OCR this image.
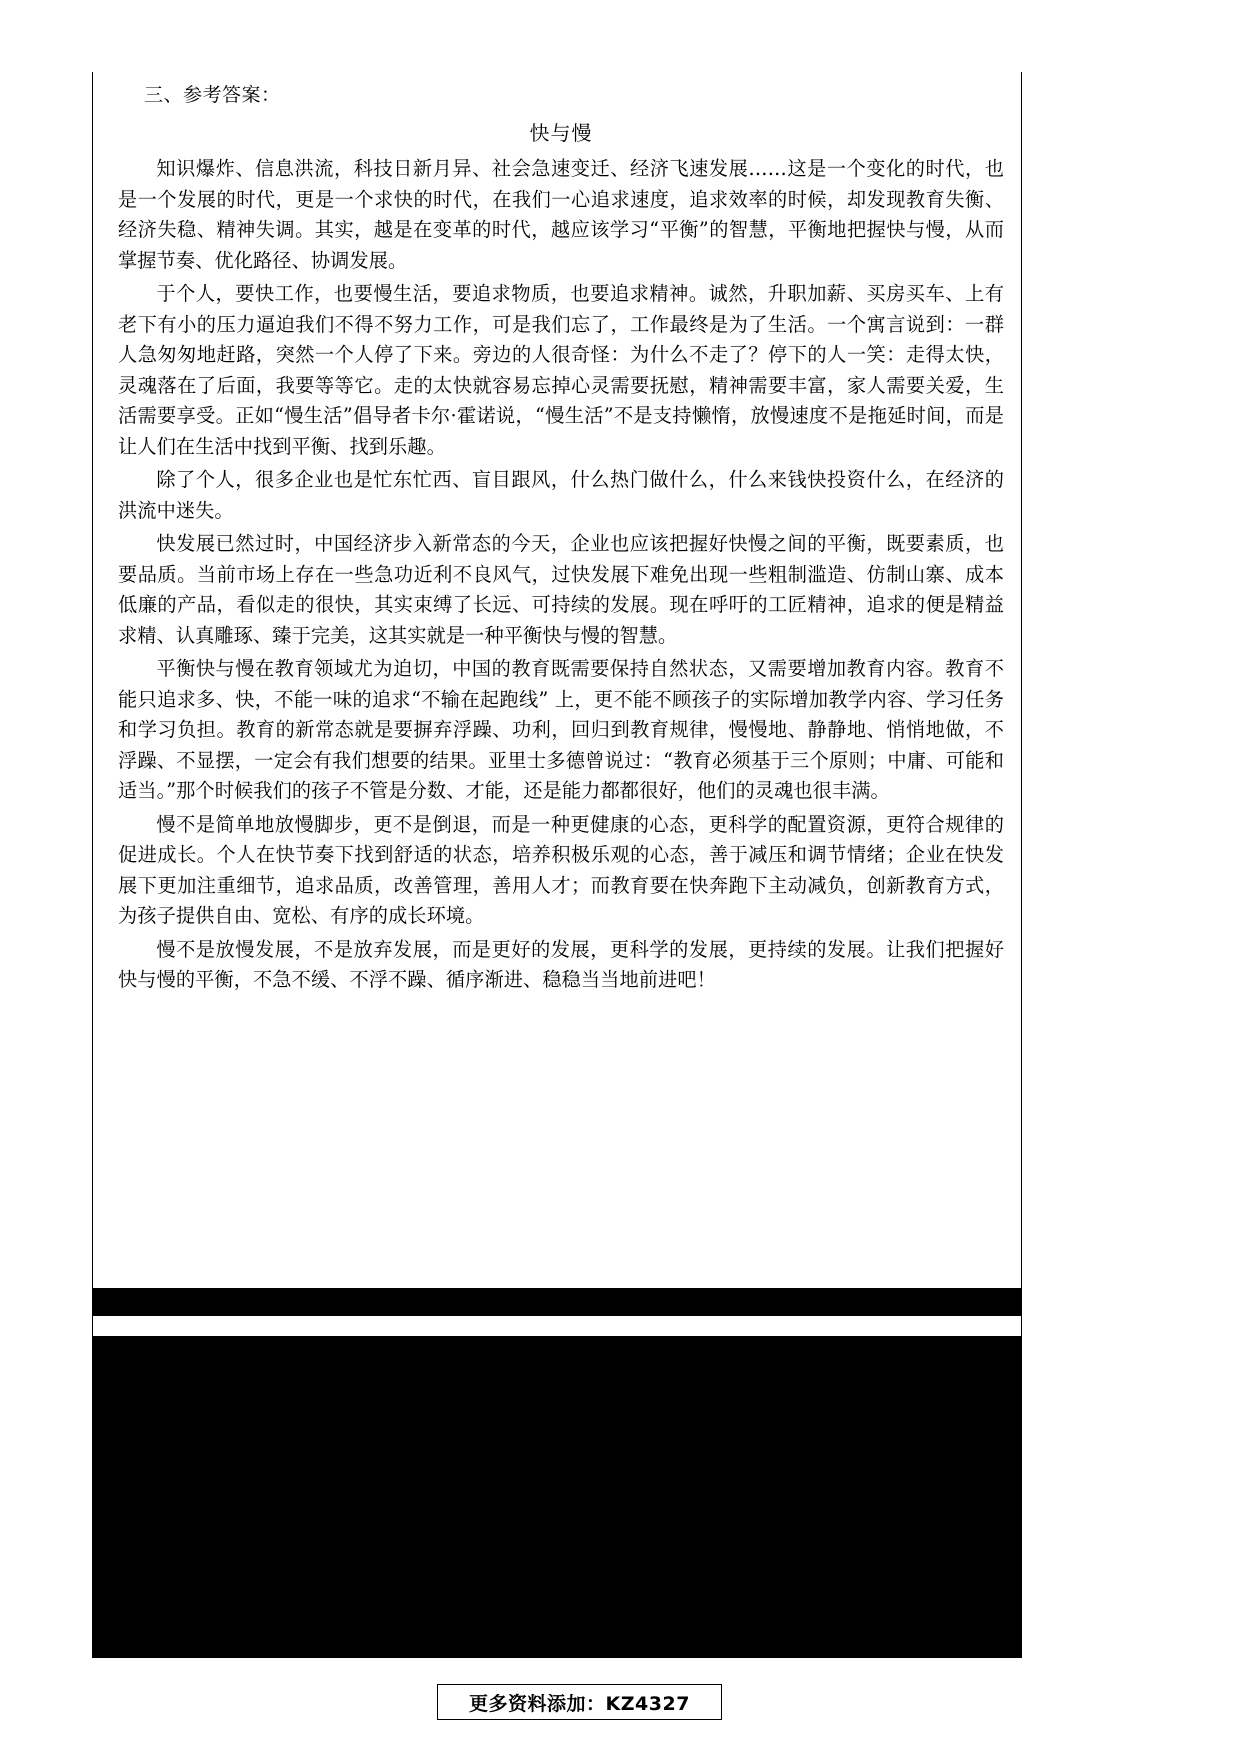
三、参考答案：
快与慢

知识爆炸、信息洪流，科技日新月异、社会急速变迁、经济飞速发展……这是一个变化的时代，也是一个发展的时代，更是一个求快的时代，在我们一心追求速度，追求效率的时候，却发现教育失衡、经济失稳、精神失调。其实，越是在变革的时代，越应该学习“平衡”的智慧，平衡地把握快与慢，从而掌握节奏、优化路径、协调发展。

于个人，要快工作，也要慢生活，要追求物质，也要追求精神。诚然，升职加薪、买房买车、上有老下有小的压力逼迫我们不得不努力工作，可是我们忘了，工作最终是为了生活。一个寓言说到：一群人急匆匆地赶路，突然一个人停了下来。旁边的人很奇怪：为什么不走了？停下的人一笑：走得太快，灵魂落在了后面，我要等等它。走的太快就容易忘掉心灵需要抚慰，精神需要丰富，家人需要关爱，生活需要享受。正如“慢生活”倡导者卡尔·霍诺说，“慢生活”不是支持懒惰，放慢速度不是拖延时间，而是让人们在生活中找到平衡、找到乐趣。

除了个人，很多企业也是忙东忙西、盲目跟风，什么热门做什么，什么来钱快投资什么，在经济的洪流中迷失。

快发展已然过时，中国经济步入新常态的今天，企业也应该把握好快慢之间的平衡，既要素质，也要品质。当前市场上存在一些急功近利不良风气，过快发展下难免出现一些粗制滥造、仿制山寨、成本低廉的产品，看似走的很快，其实束缚了长远、可持续的发展。现在呼吁的工匠精神，追求的便是精益求精、认真雕琢、臻于完美，这其实就是一种平衡快与慢的智慧。

平衡快与慢在教育领域尤为迫切，中国的教育既需要保持自然状态，又需要增加教育内容。教育不能只追求多、快，不能一味的追求“不输在起跑线” 上，更不能不顾孩子的实际增加教学内容、学习任务和学习负担。教育的新常态就是要摒弃浮躁、功利，回归到教育规律，慢慢地、静静地、悄悄地做，不浮躁、不显摆，一定会有我们想要的结果。亚里士多德曾说过：“教育必须基于三个原则；中庸、可能和适当。”那个时候我们的孩子不管是分数、才能，还是能力都都很好，他们的灵魂也很丰满。

慢不是简单地放慢脚步，更不是倒退，而是一种更健康的心态，更科学的配置资源，更符合规律的促进成长。个人在快节奏下找到舒适的状态，培养积极乐观的心态，善于减压和调节情绪；企业在快发展下更加注重细节，追求品质，改善管理，善用人才；而教育要在快奔跑下主动减负，创新教育方式，为孩子提供自由、宽松、有序的成长环境。

慢不是放慢发展，不是放弃发展，而是更好的发展，更科学的发展，更持续的发展。让我们把握好快与慢的平衡，不急不缓、不浮不躁、循序渐进、稳稳当当地前进吧！

更多资料添加：KZ4327
